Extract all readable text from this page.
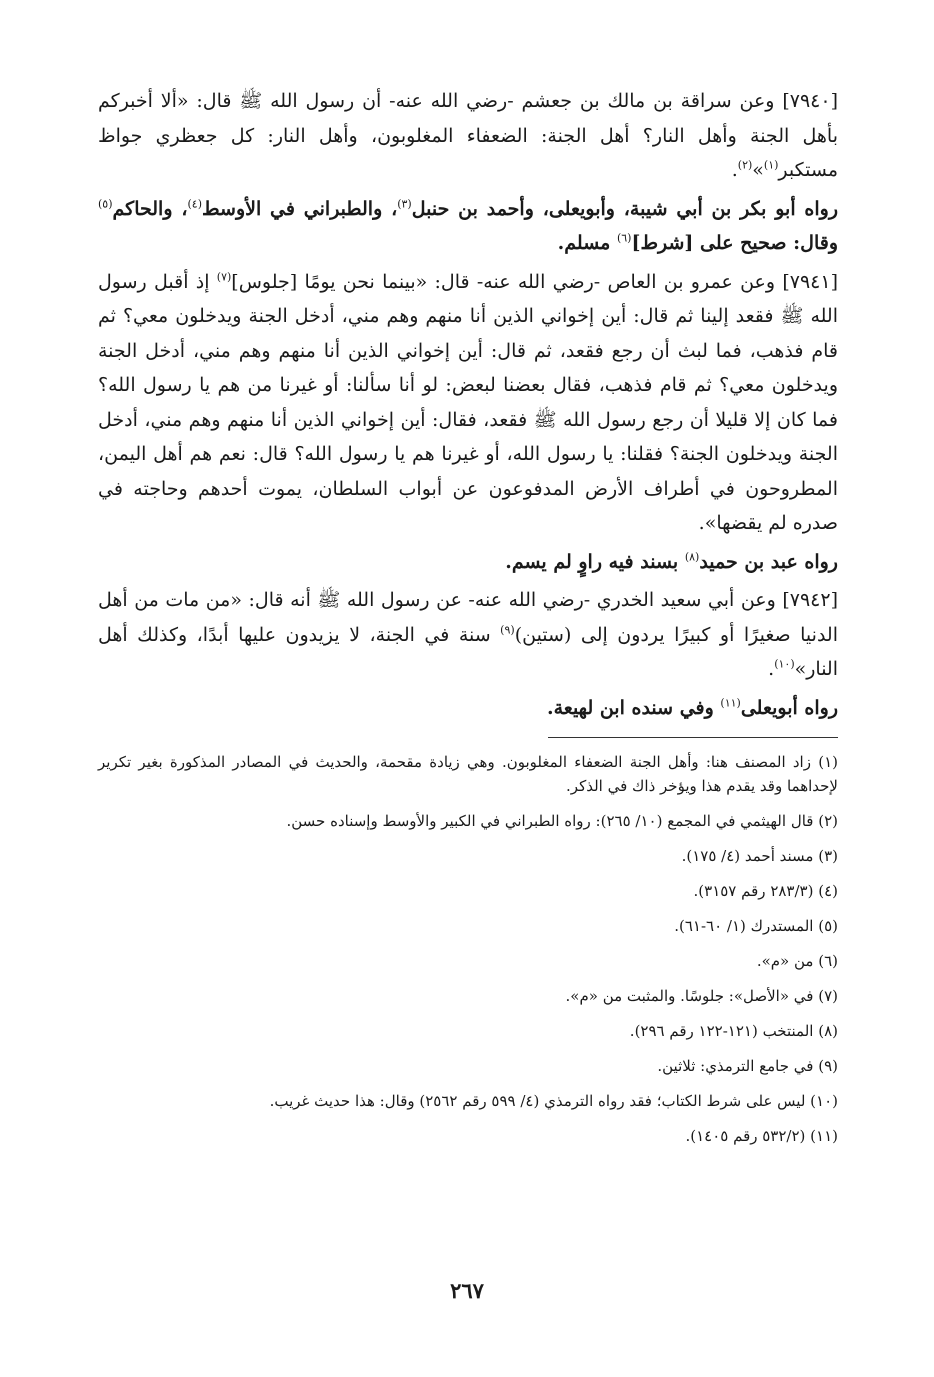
[٧٩٤٠] وعن سراقة بن مالك بن جعشم -رضي الله عنه- أن رسول الله ﷺ قال: «ألا أخبركم بأهل الجنة وأهل النار؟ أهل الجنة: الضعفاء المغلوبون، وأهل النار: كل جعظري جواظ مستكبر$^{(١)}$»$^{(٢)}$.

رواه أبو بكر بن أبي شيبة، وأبويعلى، وأحمد بن حنبل$^{(٣)}$، والطبراني في الأوسط$^{(٤)}$، والحاكم$^{(٥)}$ وقال: صحيح على [شرط]$^{(٦)}$ مسلم.

[٧٩٤١] وعن عمرو بن العاص -رضي الله عنه- قال: «بينما نحن يومًا [جلوس]$^{(٧)}$ إذ أقبل رسول الله ﷺ فقعد إلينا ثم قال: أين إخواني الذين أنا منهم وهم مني، أدخل الجنة ويدخلون معي؟ ثم قام فذهب، فما لبث أن رجع فقعد، ثم قال: أين إخواني الذين أنا منهم وهم مني، أدخل الجنة ويدخلون معي؟ ثم قام فذهب، فقال بعضنا لبعض: لو أنا سألنا: أو غيرنا من هم يا رسول الله؟ فما كان إلا قليلا أن رجع رسول الله ﷺ فقعد، فقال: أين إخواني الذين أنا منهم وهم مني، أدخل الجنة ويدخلون الجنة؟ فقلنا: يا رسول الله، أو غيرنا هم يا رسول الله؟ قال: نعم هم أهل اليمن، المطروحون في أطراف الأرض المدفوعون عن أبواب السلطان، يموت أحدهم وحاجته في صدره لم يقضها».

رواه عبد بن حميد$^{(٨)}$ بسند فيه راوٍ لم يسم.

[٧٩٤٢] وعن أبي سعيد الخدري -رضي الله عنه- عن رسول الله ﷺ أنه قال: «من مات من أهل الدنيا صغيرًا أو كبيرًا يردون إلى (ستين)$^{(٩)}$ سنة في الجنة، لا يزيدون عليها أبدًا، وكذلك أهل النار»$^{(١٠)}$.

رواه أبويعلى$^{(١١)}$ وفي سنده ابن لهيعة.

(١) زاد المصنف هنا: وأهل الجنة الضعفاء المغلوبون. وهي زيادة مقحمة، والحديث في المصادر المذكورة بغير تكرير لإحداهما وقد يقدم هذا ويؤخر ذاك في الذكر.
(٢) قال الهيثمي في المجمع (١٠/ ٢٦٥): رواه الطبراني في الكبير والأوسط وإسناده حسن.
(٣) مسند أحمد (٤/ ١٧٥).
(٤) (٢٨٣/٣ رقم ٣١٥٧).
(٥) المستدرك (١/ ٦٠-٦١).
(٦) من «م».
(٧) في «الأصل»: جلوسًا. والمثبت من «م».
(٨) المنتخب (١٢١-١٢٢ رقم ٢٩٦).
(٩) في جامع الترمذي: ثلاثين.
(١٠) ليس على شرط الكتاب؛ فقد رواه الترمذي (٤/ ٥٩٩ رقم ٢٥٦٢) وقال: هذا حديث غريب.
(١١) (٥٣٢/٢ رقم ١٤٠٥).
٢٦٧
